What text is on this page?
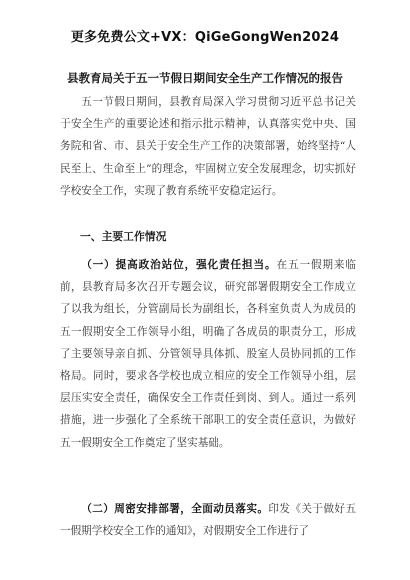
更多免费公文+VX：QiGeGongWen2024
县教育局关于五一节假日期间安全生产工作情况的报告
五一节假日期间，县教育局深入学习贯彻习近平总书记关于安全生产的重要论述和指示批示精神，认真落实党中央、国务院和省、市、县关于安全生产工作的决策部署，始终坚持“人民至上、生命至上”的理念，牢固树立安全发展理念，切实抓好学校安全工作，实现了教育系统平安稳定运行。
一、主要工作情况
（一）提高政治站位，强化责任担当。在五一假期来临前，县教育局多次召开专题会议，研究部署假期安全工作成立了以我为组长，分管副局长为副组长，各科室负责人为成员的五一假期安全工作领导小组，明确了各成员的职责分工，形成了主要领导亲自抓、分管领导具体抓、股室人员协同抓的工作格局。同时，要求各学校也成立相应的安全工作领导小组，层层压实安全责任，确保安全工作责任到岗、到人。通过一系列措施，进一步强化了全系统干部职工的安全责任意识，为做好五一假期安全工作奠定了坚实基础。
（二）周密安排部署，全面动员落实。印发《关于做好五一假期学校安全工作的通知》，对假期安全工作进行了
